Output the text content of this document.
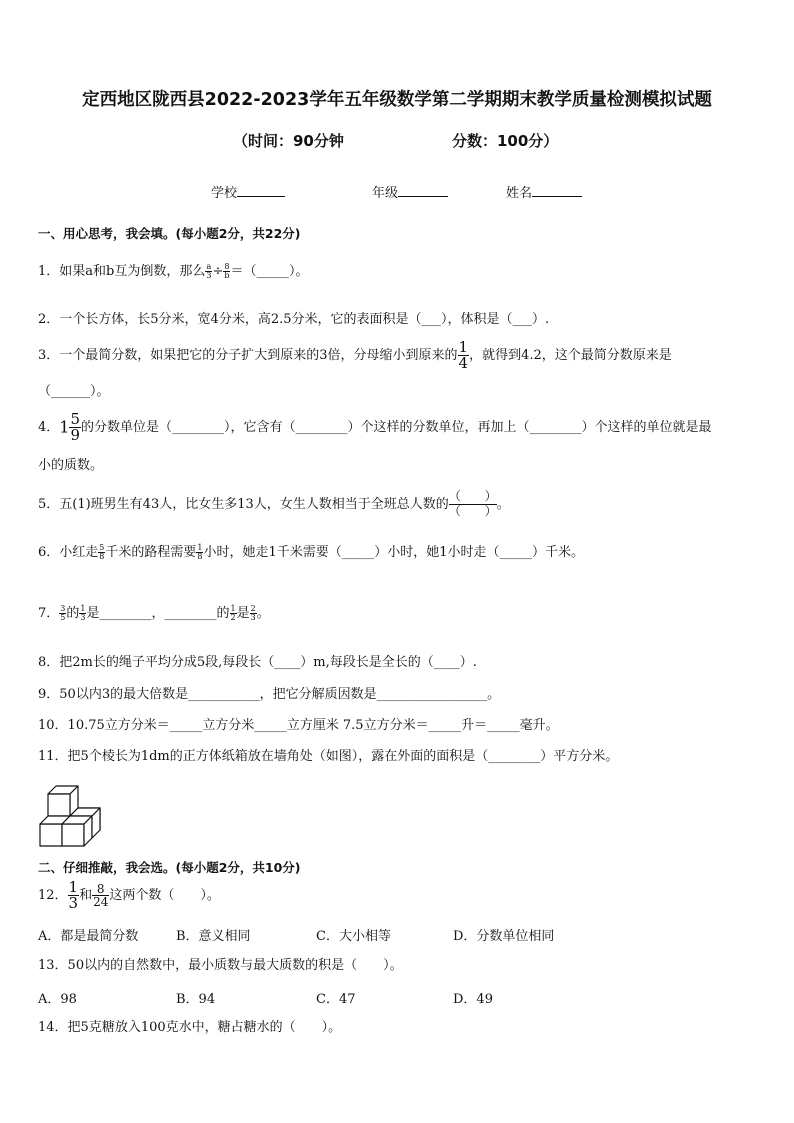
定西地区陇西县2022-2023学年五年级数学第二学期期末教学质量检测模拟试题
（时间：90分钟	分数：100分）
学校	年级	姓名
一、用心思考，我会填。(每小题2分，共22分)
1．如果a和b互为倒数，那么 $\frac{a}{3} \div \frac{8}{b}$ ＝（_____）。
2．一个长方体，长5分米，宽4分米，高2.5分米，它的表面积是（___），体积是（___）.
3．一个最简分数，如果把它的分子扩大到原来的3倍，分母缩小到原来的 $\frac{1}{4}$ ，就得到4.2，这个最简分数原来是
（______）。
4．$1 \frac{5}{9}$ 的分数单位是（________），它含有（________）个这样的分数单位，再加上（________）个这样的单位就是最
小的质数。
5．五(1)班男生有43人，比女生多13人，女生人数相当于全班总人数的
（　　）
（　　）。
6．小红走 $\frac{5}{8}$ 千米的路程需要 $\frac{1}{8}$ 小时，她走1千米需要（_____）小时，她1小时走（_____）千米。
7． $\frac{3}{5}$ 的 $\frac{1}{3}$ 是________，________的 $\frac{1}{2}$ 是 $\frac{2}{3}$ 。
8．把2m长的绳子平均分成5段,每段长（____）m,每段长是全长的（____）.
9．50以内3的最大倍数是___________，把它分解质因数是_________________。
10．10.75立方分米＝_____立方分米_____立方厘米 7.5立方分米＝_____升＝_____毫升。
11．把5个棱长为1dm的正方体纸箱放在墙角处（如图），露在外面的面积是（________）平方分米。
二、仔细推敲，我会选。(每小题2分，共10分)
12． $\frac{1}{3}$ 和 $\frac{8}{24}$ 这两个数（　　）。
A．都是最简分数	B．意义相同	C．大小相等	D．分数单位相同
13．50以内的自然数中，最小质数与最大质数的积是（　　）。
A．98	B．94	C．47	D．49
14．把5克糖放入100克水中，糖占糖水的（　　）。
